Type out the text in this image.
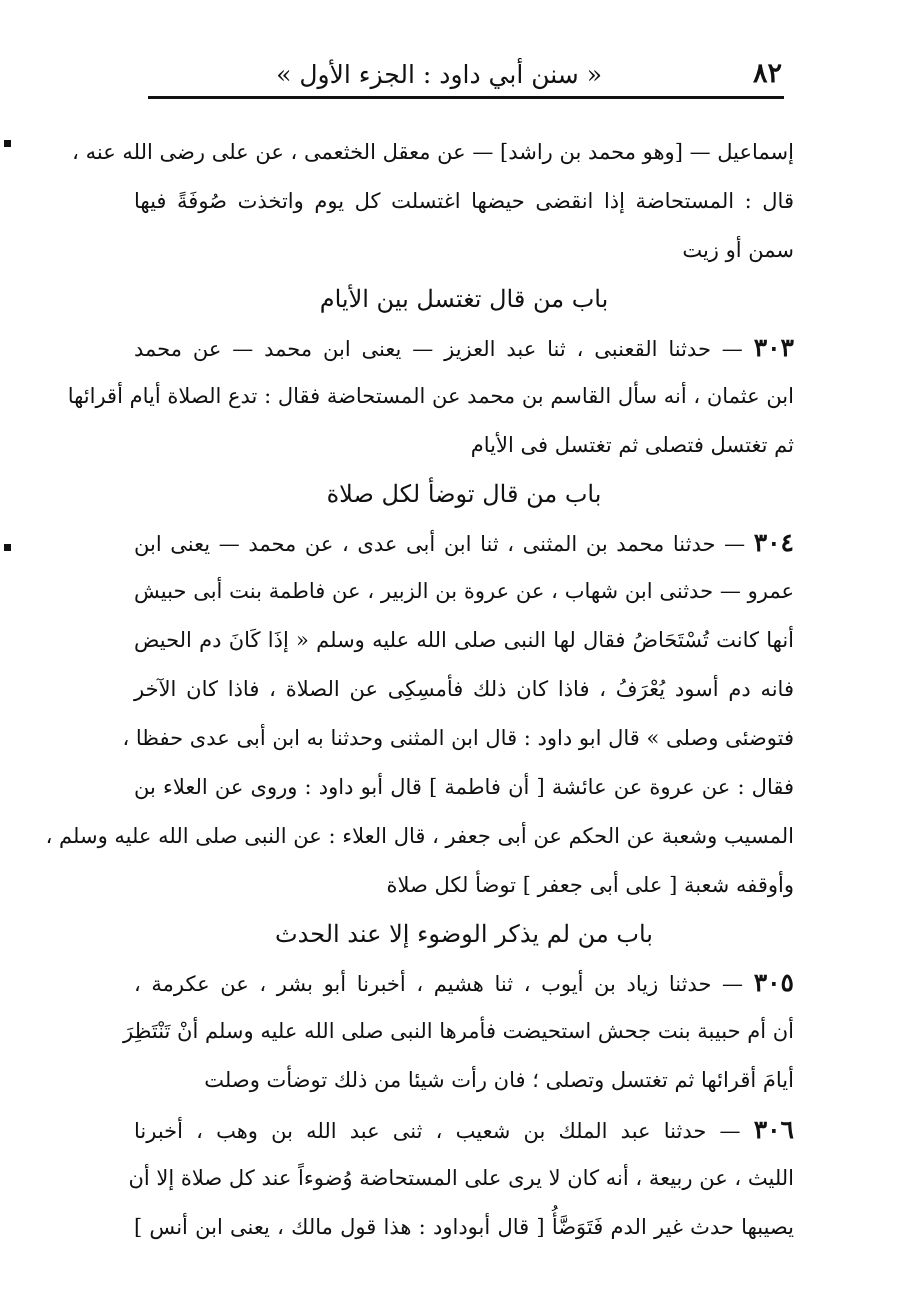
٨٢
« سنن أبي داود : الجزء الأول »
إسماعيل — [وهو محمد بن راشد] — عن معقل الخثعمى ، عن على رضى الله عنه ،
قال : المستحاضة إذا انقضى حيضها اغتسلت كل يوم واتخذت صُوفَةً فيها
سمن أو زيت
باب من قال تغتسل بين الأيام
٣٠٣ — حدثنا القعنبى ، ثنا عبد العزيز — يعنى ابن محمد — عن محمد
ابن عثمان ، أنه سأل القاسم بن محمد عن المستحاضة فقال : تدع الصلاة أيام أقرائها
ثم تغتسل فتصلى ثم تغتسل فى الأيام
باب من قال توضأ لكل صلاة
٣٠٤ — حدثنا محمد بن المثنى ، ثنا ابن أبى عدى ، عن محمد — يعنى ابن
عمرو — حدثنى ابن شهاب ، عن عروة بن الزبير ، عن فاطمة بنت أبى حبيش
أنها كانت تُسْتَحَاضُ فقال لها النبى صلى الله عليه وسلم « إذَا كَانَ دم الحيض
فانه دم أسود يُعْرَفُ ، فاذا كان ذلك فأمسِكِى عن الصلاة ، فاذا كان الآخر
فتوضئى وصلى » قال ابو داود : قال ابن المثنى وحدثنا به ابن أبى عدى حفظا ،
فقال : عن عروة عن عائشة [ أن فاطمة ] قال أبو داود : وروى عن العلاء بن
المسيب وشعبة عن الحكم عن أبى جعفر ، قال العلاء : عن النبى صلى الله عليه وسلم ،
وأوقفه شعبة [ على أبى جعفر ] توضأ لكل صلاة
باب من لم يذكر الوضوء إلا عند الحدث
٣٠٥ — حدثنا زياد بن أيوب ، ثنا هشيم ، أخبرنا أبو بشر ، عن عكرمة ،
أن أم حبيبة بنت جحش استحيضت فأمرها النبى صلى الله عليه وسلم أنْ تَنْتَظِرَ
أيامَ أقرائها ثم تغتسل وتصلى ؛ فان رأت شيئا من ذلك توضأت وصلت
٣٠٦ — حدثنا عبد الملك بن شعيب ، ثنى عبد الله بن وهب ، أخبرنا
الليث ، عن ربيعة ، أنه كان لا يرى على المستحاضة وُضوءاً عند كل صلاة إلا أن
يصيبها حدث غير الدم فَتَوَضَّأُ [ قال أبوداود : هذا قول مالك ، يعنى ابن أنس ]
